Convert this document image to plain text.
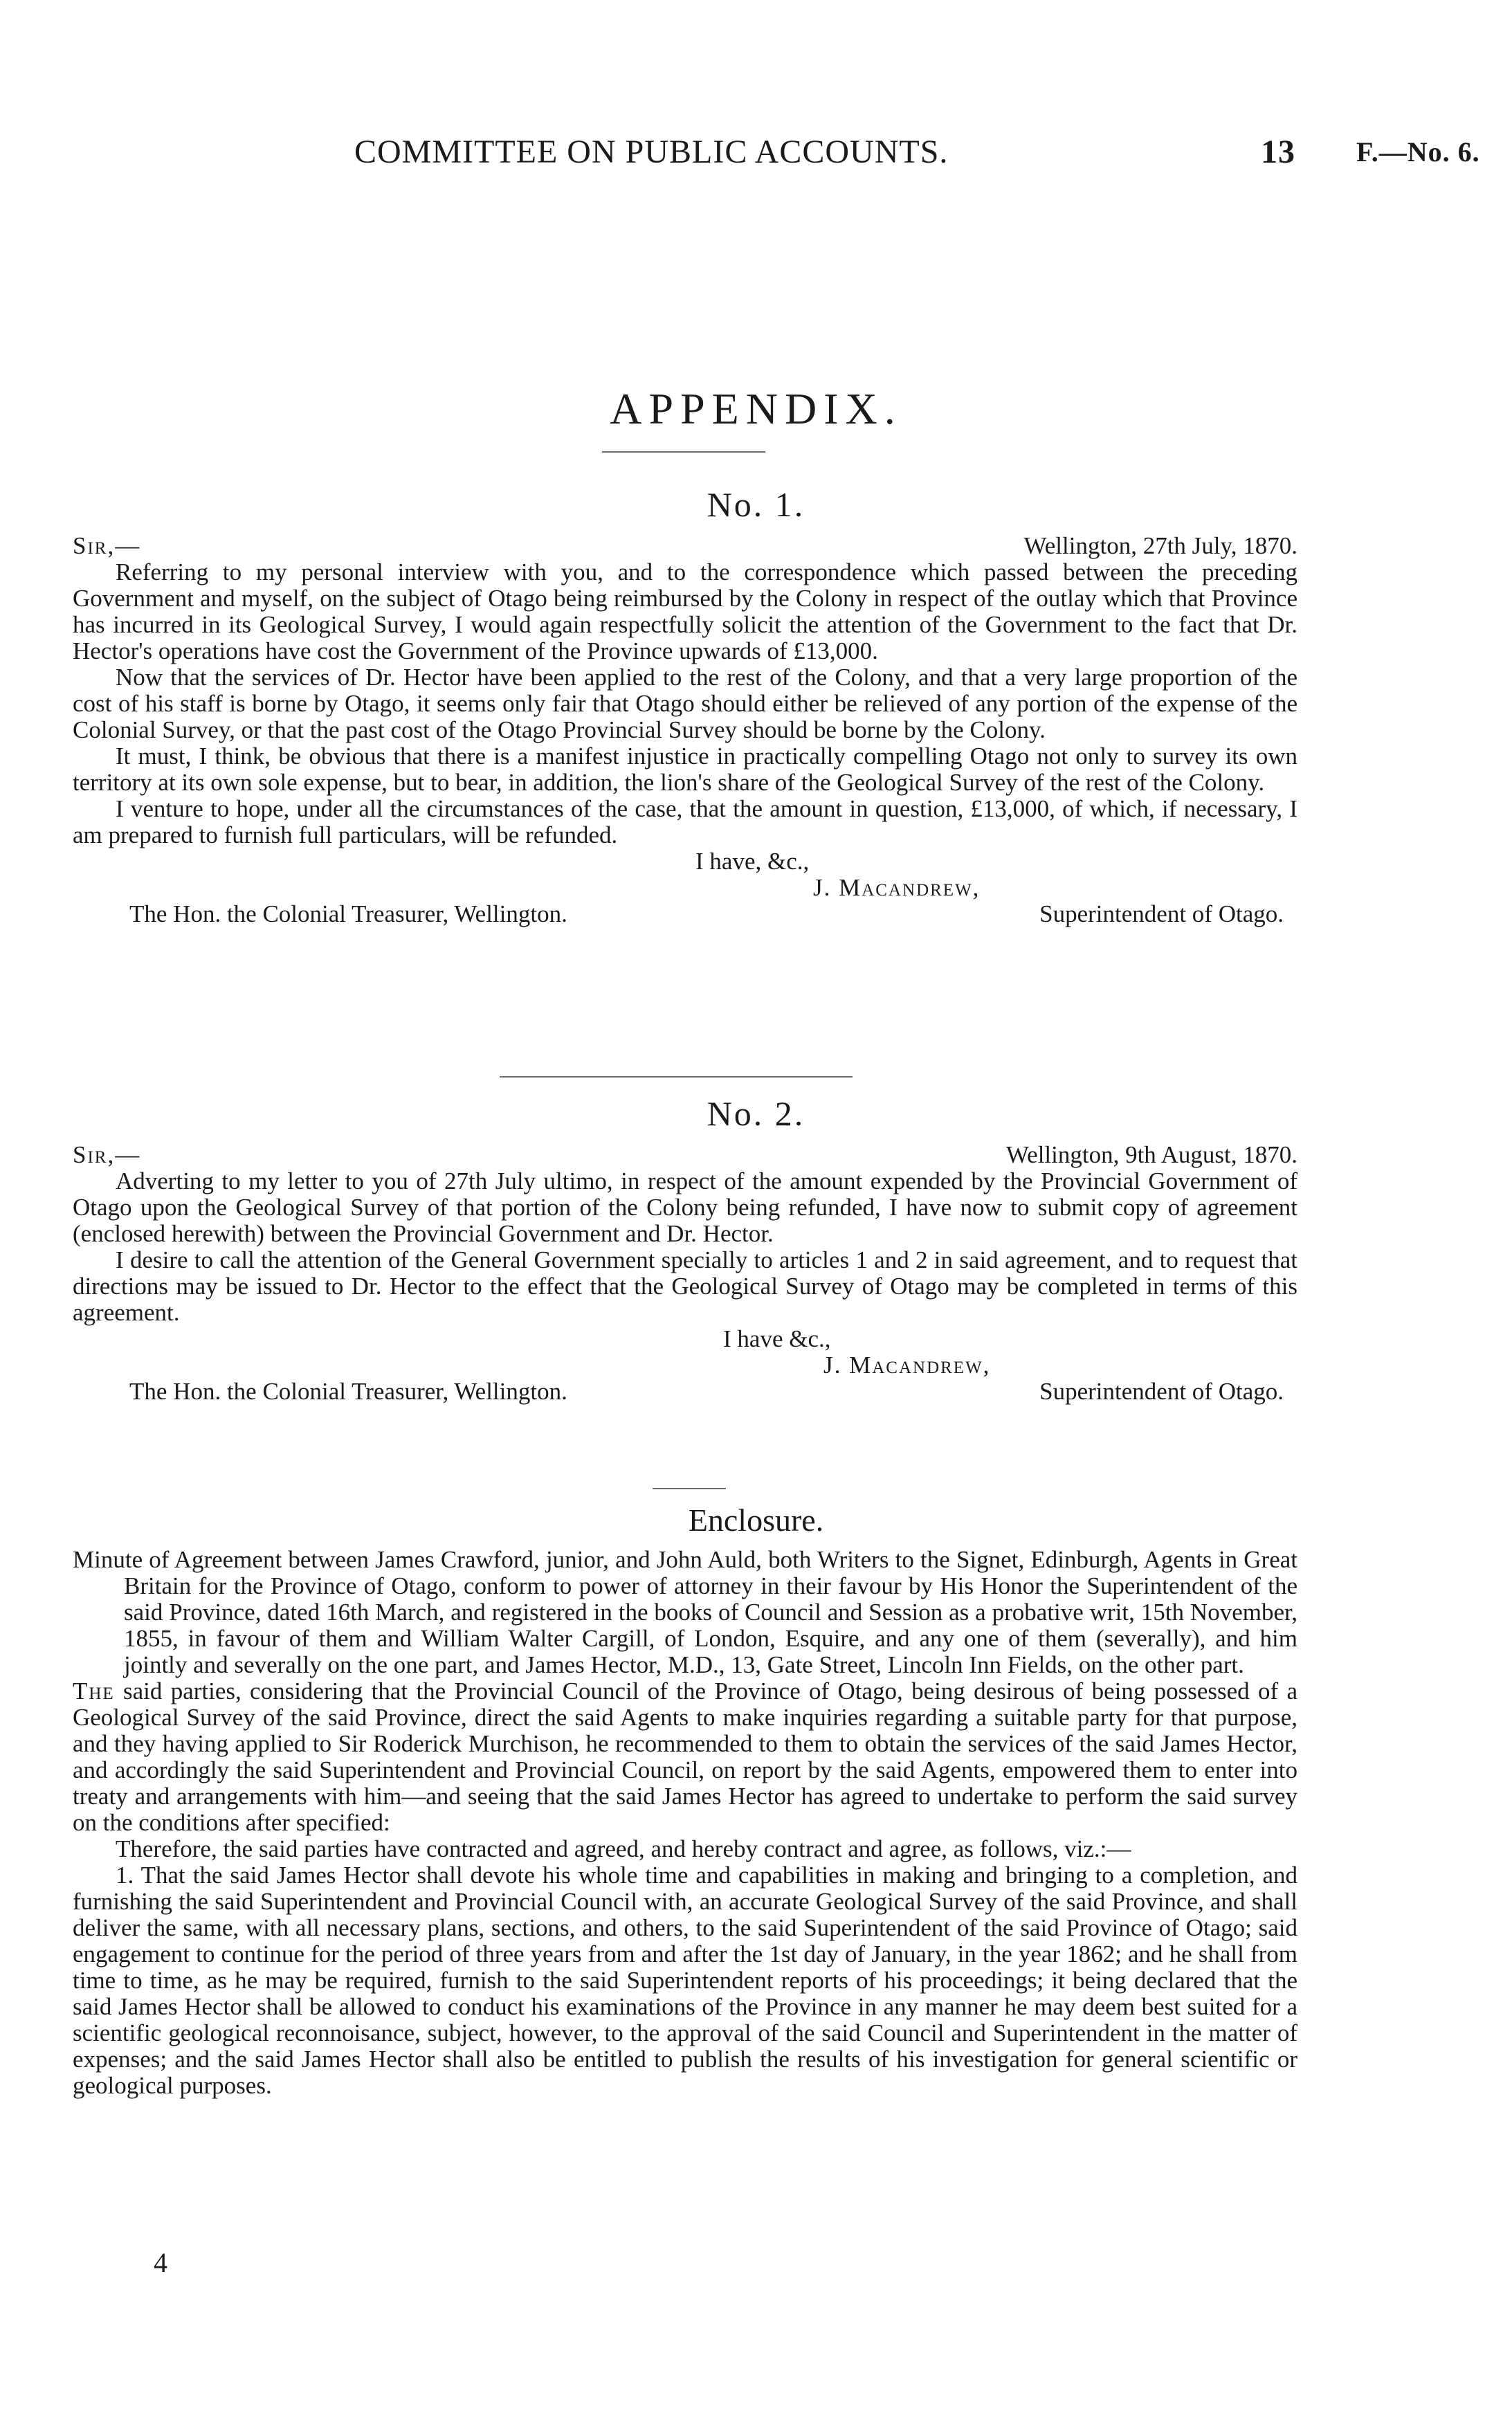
COMMITTEE ON PUBLIC ACCOUNTS.	13 F.—No. 6.
APPENDIX.
No. 1.
Sir,—	Wellington, 27th July, 1870.

Referring to my personal interview with you, and to the correspondence which passed between the preceding Government and myself, on the subject of Otago being reimbursed by the Colony in respect of the outlay which that Province has incurred in its Geological Survey, I would again respectfully solicit the attention of the Government to the fact that Dr. Hector's operations have cost the Government of the Province upwards of £13,000.

Now that the services of Dr. Hector have been applied to the rest of the Colony, and that a very large proportion of the cost of his staff is borne by Otago, it seems only fair that Otago should either be relieved of any portion of the expense of the Colonial Survey, or that the past cost of the Otago Provincial Survey should be borne by the Colony.

It must, I think, be obvious that there is a manifest injustice in practically compelling Otago not only to survey its own territory at its own sole expense, but to bear, in addition, the lion's share of the Geological Survey of the rest of the Colony.

I venture to hope, under all the circumstances of the case, that the amount in question, £13,000, of which, if necessary, I am prepared to furnish full particulars, will be refunded.

I have, &c.,
J. Macandrew,
The Hon. the Colonial Treasurer, Wellington.	Superintendent of Otago.
No. 2.
Sir,—	Wellington, 9th August, 1870.

Adverting to my letter to you of 27th July ultimo, in respect of the amount expended by the Provincial Government of Otago upon the Geological Survey of that portion of the Colony being refunded, I have now to submit copy of agreement (enclosed herewith) between the Provincial Government and Dr. Hector.

I desire to call the attention of the General Government specially to articles 1 and 2 in said agreement, and to request that directions may be issued to Dr. Hector to the effect that the Geological Survey of Otago may be completed in terms of this agreement.

I have &c.,
J. Macandrew,
The Hon. the Colonial Treasurer, Wellington.	Superintendent of Otago.
Enclosure.

Minute of Agreement between James Crawford, junior, and John Auld, both Writers to the Signet, Edinburgh, Agents in Great Britain for the Province of Otago, conform to power of attorney in their favour by His Honor the Superintendent of the said Province, dated 16th March, and registered in the books of Council and Session as a probative writ, 15th November, 1855, in favour of them and William Walter Cargill, of London, Esquire, and any one of them (severally), and him jointly and severally on the one part, and James Hector, M.D., 13, Gate Street, Lincoln Inn Fields, on the other part.

The said parties, considering that the Provincial Council of the Province of Otago, being desirous of being possessed of a Geological Survey of the said Province, direct the said Agents to make inquiries regarding a suitable party for that purpose, and they having applied to Sir Roderick Murchison, he recommended to them to obtain the services of the said James Hector, and accordingly the said Superintendent and Provincial Council, on report by the said Agents, empowered them to enter into treaty and arrangements with him—and seeing that the said James Hector has agreed to undertake to perform the said survey on the conditions after specified:

Therefore, the said parties have contracted and agreed, and hereby contract and agree, as follows, viz.:—

1. That the said James Hector shall devote his whole time and capabilities in making and bringing to a completion, and furnishing the said Superintendent and Provincial Council with, an accurate Geological Survey of the said Province, and shall deliver the same, with all necessary plans, sections, and others, to the said Superintendent of the said Province of Otago; said engagement to continue for the period of three years from and after the 1st day of January, in the year 1862; and he shall from time to time, as he may be required, furnish to the said Superintendent reports of his proceedings; it being declared that the said James Hector shall be allowed to conduct his examinations of the Province in any manner he may deem best suited for a scientific geological reconnoisance, subject, however, to the approval of the said Council and Superintendent in the matter of expenses; and the said James Hector shall also be entitled to publish the results of his investigation for general scientific or geological purposes.

4
